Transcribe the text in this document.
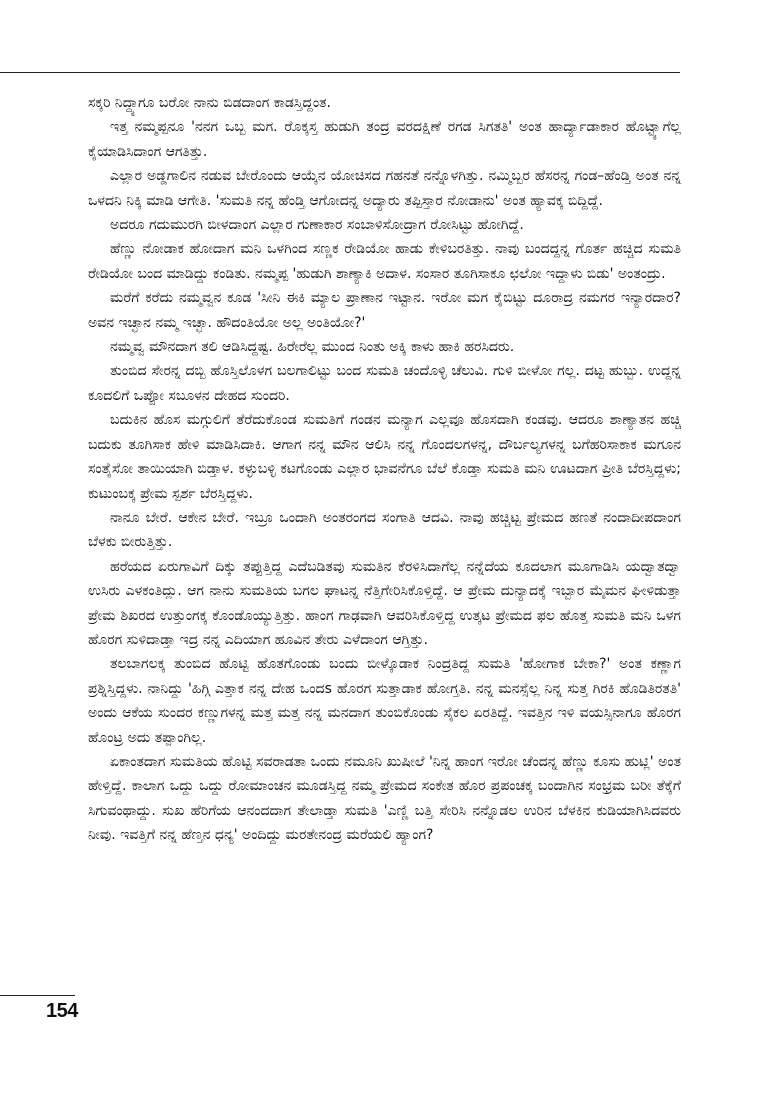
ಸಕ್ಕರಿ ನಿದ್ದ್ಯಾಗೂ ಬರೋ ನಾನು ಬಿಡದಾಂಗ ಕಾಡಸ್ತಿದ್ದಂತ.

ಇತ್ತ ನಮ್ಮಪ್ಪನೂ 'ನನಗ ಒಬ್ಬ ಮಗ. ರೊಕ್ಕಸ್ತ ಹುಡುಗಿ ತಂದ್ರ ವರದಕ್ಷಿಣೆ ರಗಡ ಸಿಗತತಿ' ಅಂತ ಹಾರ್ದ್ಯಾಡಾಕಾರ ಹೊಟ್ಟ್ಯಾಗೆಲ್ಲ ಕೈಯಾಡಿಸಿದಾಂಗ ಆಗತಿತ್ತು.

ಎಲ್ಲಾರ ಅಡ್ಡಗಾಲಿನ ನಡುವ ಬೇರೊಂದು ಆಯ್ಕೆನ ಯೋಚಿಸದ ಗಹನತೆ ನನ್ನೊಳಗಿತ್ತು. ನಮ್ಮಿಬ್ಬರ ಹೆಸರನ್ನ ಗಂಡ–ಹೆಂಡ್ತಿ ಅಂತ ನನ್ನ ಒಳದನಿ ನಿಕ್ಕಿ ಮಾಡಿ ಆಗೇತಿ. 'ಸುಮತಿ ನನ್ನ ಹೆಂಡ್ತಿ ಆಗೋದನ್ನ ಅದ್ಯಾರು ತಪ್ಪಿಸ್ತಾರ ನೋಡಾನು' ಅಂತ ಹ್ಯಾವಕ್ಕ ಬಿದ್ದಿದ್ದೆ.

ಅದರೂ ಗದುಮುರಗಿ ಬೀಳದಾಂಗ ಎಲ್ಲಾರ ಗುಣಾಕಾರ ಸಂಬಾಳಿಸೋದ್ರಾಗ ರೋಸಿಟ್ಟು ಹೋಗಿದ್ದೆ.

ಹೆಣ್ಣು ನೋಡಾಕ ಹೋದಾಗ ಮನಿ ಒಳಗಿಂದ ಸಣ್ಣಕ ರೇಡಿಯೋ ಹಾಡು ಕೇಳಿಬರತಿತ್ತು. ನಾವು ಬಂದದ್ದನ್ನ ಗೊರ್ತ ಹಚ್ಚಿದ ಸುಮತಿ ರೇಡಿಯೋ ಬಂದ ಮಾಡಿದ್ದು ಕಂಡಿತು. ನಮ್ಮಪ್ಪ 'ಹುಡುಗಿ ಶಾಣ್ಯಾಕಿ ಅದಾಳ. ಸಂಸಾರ ತೂಗಿಸಾಕೂ ಛಲೋ ಇದ್ದಾಳು ಬಿಡು' ಅಂತಂದ್ರು.

ಮರೆಗೆ ಕರೆದು ನಮ್ಮವ್ವನ ಕೂಡ 'ಸೀನಿ ಈಕಿ ಮ್ಯಾಲ ಪ್ರಾಣಾನ ಇಟ್ಟಾನ. ಇರೋ ಮಗ ಕೈಬಿಟ್ಟು ದೂರಾದ್ರ ನಮಗರ ಇನ್ಯಾರದಾರ? ಅವನ ಇಚ್ಛಾನ ನಮ್ಮ ಇಚ್ಛಾ. ಹೌದಂತಿಯೋ ಅಲ್ಲ ಅಂತಿಯೋ?'

ನಮ್ಮವ್ವ ಮೌನದಾಗ ತಲಿ ಆಡಿಸಿದ್ದಷ್ಟ. ಹಿರೇರೆಲ್ಲ ಮುಂದ ನಿಂತು ಅಕ್ಕಿ ಕಾಳು ಹಾಕಿ ಹರಸಿದರು.

ತುಂಬಿದ ಸೇರನ್ನ ದಬ್ಬಿ ಹೊಸ್ತಿಲೊಳಗ ಬಲಗಾಲಿಟ್ಟು ಬಂದ ಸುಮತಿ ಚಂದೊಳ್ಳಿ ಚೆಲುವಿ. ಗುಳಿ ಬೀಳೋ ಗಲ್ಲ. ದಟ್ಟ ಹುಬ್ಬು. ಉದ್ದನ್ನ ಕೂದಲಿಗೆ ಒಪ್ಪೋ ಸಬೂಳನ ದೇಹದ ಸುಂದರಿ.

ಬದುಕಿನ ಹೊಸ ಮಗ್ಗುಲಿಗೆ ತೆರೆದುಕೊಂಡ ಸುಮತಿಗೆ ಗಂಡನ ಮನ್ಯಾಗ ಎಲ್ಲವೂ ಹೊಸದಾಗಿ ಕಂಡವು. ಆದರೂ ಶಾಣ್ಯಾತನ ಹಚ್ಚಿ ಬದುಕು ತೂಗಿಸಾಕ ಹೇಳಿ ಮಾಡಿಸಿದಾಕಿ. ಆಗಾಗ ನನ್ನ ಮೌನ ಆಲಿಸಿ ನನ್ನ ಗೊಂದಲಗಳನ್ನ, ದೌರ್ಬಲ್ಯಗಳನ್ನ ಬಗೆಹರಿಸಾಕಾಕ ಮಗೂನ ಸಂತೈಸೋ ತಾಯಿಯಾಗಿ ಬಿಡ್ತಾಳ. ಕಳ್ಳುಬಳ್ಳಿ ಕಟಗೊಂಡು ಎಲ್ಲಾರ ಭಾವನೆಗೂ ಬೆಲೆ ಕೊಡ್ತಾ ಸುಮತಿ ಮನಿ ಊಟದಾಗ ಪ್ರೀತಿ ಬೆರಸ್ತಿದ್ದಳು; ಕುಟುಂಬಕ್ಕ ಪ್ರೇಮ ಸ್ಪರ್ಶ ಬೆರಸ್ತಿದ್ದಳು.

ನಾನೂ ಬೇರೆ. ಆಕೇನ ಬೇರೆ. ಇಬ್ರೂ ಒಂದಾಗಿ ಅಂತರಂಗದ ಸಂಗಾತಿ ಆದವಿ. ನಾವು ಹಚ್ಚಿಟ್ಟ ಪ್ರೇಮದ ಹಣತೆ ನಂದಾದೀಪದಾಂಗ ಬೆಳಕು ಬೀರುತ್ತಿತ್ತು.

ಹರೆಯದ ಏರುಗಾವಿಗೆ ದಿಕ್ಕು ತಪ್ಪುತ್ತಿದ್ದ ಎದೆಬಡಿತವು ಸುಮತಿನ ಕೆರಳಿಸಿದಾಗೆಲ್ಲ ನನ್ನೆದೆಯ ಕೂದಲಾಗ ಮೂಗಾಡಿಸಿ ಯದ್ವಾತದ್ವಾ ಉಸಿರು ಎಳಕಂತಿದ್ಲು. ಆಗ ನಾನು ಸುಮತಿಯ ಬಗಲ ಘಾಟನ್ನ ನೆತ್ತಿಗೇರಿಸಿಕೊಳ್ತಿದ್ದೆ. ಆ ಪ್ರೇಮ ದುನ್ಯಾದಕ್ಕೆ ಇಬ್ಬಾರ ಮೈಮನ ಘೀಳಿಡುತ್ತಾ ಪ್ರೇಮ ಶಿಖರದ ಉತ್ತುಂಗಕ್ಕ ಕೊಂಡೊಯ್ಯುತ್ತಿತ್ತು. ಹಾಂಗ ಗಾಢವಾಗಿ ಆವರಿಸಿಕೊಳ್ತಿದ್ದ ಉತ್ಕಟ ಪ್ರೇಮದ ಫಲ ಹೊತ್ತ ಸುಮತಿ ಮನಿ ಒಳಗ ಹೊರಗ ಸುಳಿದಾಡ್ತಾ ಇದ್ರ ನನ್ನ ಎದಿಯಾಗ ಹೂವಿನ ತೇರು ಎಳೆದಾಂಗ ಆಗ್ತಿತ್ತು.

ತಲಬಾಗಲಕ್ಕ ತುಂಬಿದ ಹೊಟ್ಟಿ ಹೊತಗೊಂಡು ಬಂದು ಬೀಳ್ಕೊಡಾಕ ನಿಂದ್ರತಿದ್ದ ಸುಮತಿ 'ಹೋಗಾಕ ಬೇಕಾ?' ಅಂತ ಕಣ್ಣಾಗ ಪ್ರಶ್ನಿಸ್ತಿದ್ದಳು. ನಾನಿದ್ದು 'ಹಿಗ್ಗಿ ಎತ್ತಾಕ ನನ್ನ ದೇಹ ಒಂದs ಹೊರಗ ಸುತ್ತಾಡಾಕ ಹೋಗ್ತತಿ. ನನ್ನ ಮನಸ್ಸೆಲ್ಲ ನಿನ್ನ ಸುತ್ತ ಗಿರಕಿ ಹೊಡಿತಿರತತಿ' ಅಂದು ಆಕೆಯ ಸುಂದರ ಕಣ್ಣುಗಳನ್ನ ಮತ್ತ ಮತ್ತ ನನ್ನ ಮನದಾಗ ತುಂಬಿಕೊಂಡು ಸೈಕಲ ಏರತಿದ್ದೆ. ಇವತ್ತಿನ ಇಳಿ ವಯಸ್ಸಿನಾಗೂ ಹೊರಗ ಹೊಂಟ್ರ ಅದು ತಪ್ಪಾಂಗಿಲ್ಲ.

ಏಕಾಂತದಾಗ ಸುಮತಿಯ ಹೊಟ್ಟಿ ಸವರಾಡತಾ ಒಂದು ನಮೂನಿ ಖುಷೀಲೆ 'ನಿನ್ನ ಹಾಂಗ ಇರೋ ಚೆಂದನ್ನ ಹೆಣ್ಣು ಕೂಸು ಹುಟ್ಲಿ' ಅಂತ ಹೇಳ್ತಿದ್ದೆ. ಕಾಲಾಗ ಒದ್ದು ಒದ್ದು ರೋಮಾಂಚನ ಮೂಡಸ್ತಿದ್ದ ನಮ್ಮ ಪ್ರೇಮದ ಸಂಕೇತ ಹೊರ ಪ್ರಪಂಚಕ್ಕ ಬಂದಾಗಿನ ಸಂಭ್ರಮ ಬರೀ ತೆಕ್ಕೆಗೆ ಸಿಗುವಂಥಾದ್ದು. ಸುಖ ಹೆರಿಗೆಯ ಆನಂದದಾಗ ತೇಲಾಡ್ತಾ ಸುಮತಿ 'ಎಣ್ಣಿ ಬತ್ತಿ ಸೇರಿಸಿ ನನ್ನೊಡಲ ಉರಿನ ಬೆಳಕಿನ ಕುಡಿಯಾಗಿಸಿದವರು ನೀವು. ಇವತ್ತಿಗೆ ನನ್ನ ಹೆಣ್ತನ ಧನ್ಯ' ಅಂದಿದ್ದು ಮರತೇನಂದ್ರ ಮರೆಯಲಿ ಹ್ಯಾಂಗ?

154
